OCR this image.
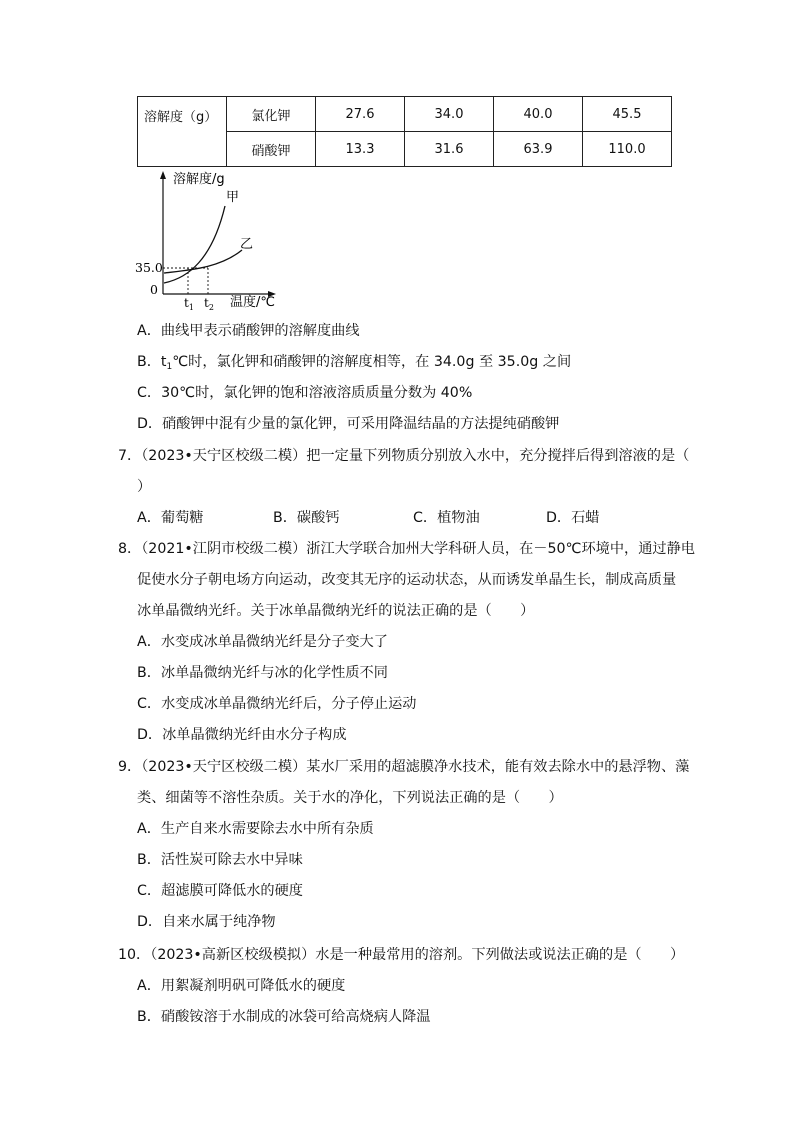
溶解度（g）	氯化钾	27.6	34.0	40.0	45.5
	硝酸钾	13.3	31.6	63.9	110.0
溶解度/g
温度/℃
甲
乙
35.0
0
$t_1$ $t_2$
A．曲线甲表示硝酸钾的溶解度曲线
B．$t_1℃$时，氯化钾和硝酸钾的溶解度相等，在 34.0g 至 35.0g 之间
C．30℃时，氯化钾的饱和溶液溶质质量分数为 40%
D．硝酸钾中混有少量的氯化钾，可采用降温结晶的方法提纯硝酸钾
7．（2023•天宁区校级二模）把一定量下列物质分别放入水中，充分搅拌后得到溶液的是（
）
A．葡萄糖	B．碳酸钙	C．植物油	D．石蜡
8．（2021•江阴市校级二模）浙江大学联合加州大学科研人员，在－50℃环境中，通过静电
促使水分子朝电场方向运动，改变其无序的运动状态，从而诱发单晶生长，制成高质量
冰单晶微纳光纤。关于冰单晶微纳光纤的说法正确的是（　　）
A．水变成冰单晶微纳光纤是分子变大了
B．冰单晶微纳光纤与冰的化学性质不同
C．水变成冰单晶微纳光纤后，分子停止运动
D．冰单晶微纳光纤由水分子构成
9．（2023•天宁区校级二模）某水厂采用的超滤膜净水技术，能有效去除水中的悬浮物、藻
类、细菌等不溶性杂质。关于水的净化，下列说法正确的是（　　）
A．生产自来水需要除去水中所有杂质
B．活性炭可除去水中异味
C．超滤膜可降低水的硬度
D．自来水属于纯净物
10．（2023•高新区校级模拟）水是一种最常用的溶剂。下列做法或说法正确的是（　　）
A．用絮凝剂明矾可降低水的硬度
B．硝酸铵溶于水制成的冰袋可给高烧病人降温
